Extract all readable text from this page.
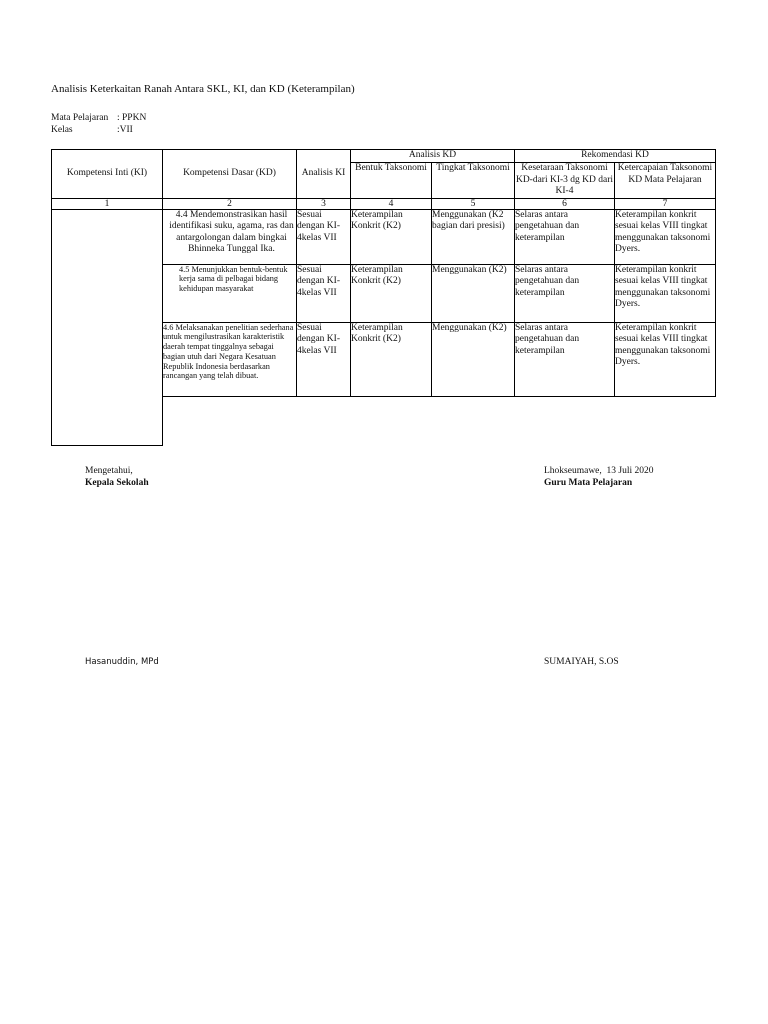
Analisis Keterkaitan Ranah Antara SKL, KI, dan KD (Keterampilan)
Mata Pelajaran : PPKN
Kelas	:VII
Kompetensi Inti (KI)	Kompetensi Dasar (KD)	Analisis KI	Analisis KD		Rekomendasi KD	
			Bentuk Taksonomi	Tingkat Taksonomi	Kesetaraan Taksonomi KD-dari KI-3 dg KD dari KI-4	Ketercapaian Taksonomi KD Mata Pelajaran
1	2	3	4	5	6	7
	4.4 Mendemonstrasikan hasil identifikasi suku, agama, ras dan antargolongan dalam bingkai Bhinneka Tunggal Ika.	Sesuai dengan KI-4kelas VII	Keterampilan Konkrit (K2)	Menggunakan (K2 bagian dari presisi)	Selaras antara pengetahuan dan keterampilan	Keterampilan konkrit sesuai kelas VIII tingkat menggunakan taksonomi Dyers.
	4.5 Menunjukkan bentuk-bentuk kerja sama di pelbagai bidang kehidupan masyarakat	Sesuai dengan KI-4kelas VII	Keterampilan Konkrit (K2)	Menggunakan (K2)	Selaras antara pengetahuan dan keterampilan	Keterampilan konkrit sesuai kelas VIII tingkat menggunakan taksonomi Dyers.
	4.6 Melaksanakan penelitian sederhana untuk mengilustrasikan karakteristik daerah tempat tinggalnya sebagai bagian utuh dari Negara Kesatuan Republik Indonesia berdasarkan rancangan yang telah dibuat.	Sesuai dengan KI-4kelas VII	Keterampilan Konkrit (K2)	Menggunakan (K2)	Selaras antara pengetahuan dan keterampilan	Keterampilan konkrit sesuai kelas VIII tingkat menggunakan taksonomi Dyers.

Mengetahui,
Kepala Sekolah
Hasanuddin, MPd
Lhokseumawe,  13 Juli 2020
Guru Mata Pelajaran
SUMAIYAH, S.OS
